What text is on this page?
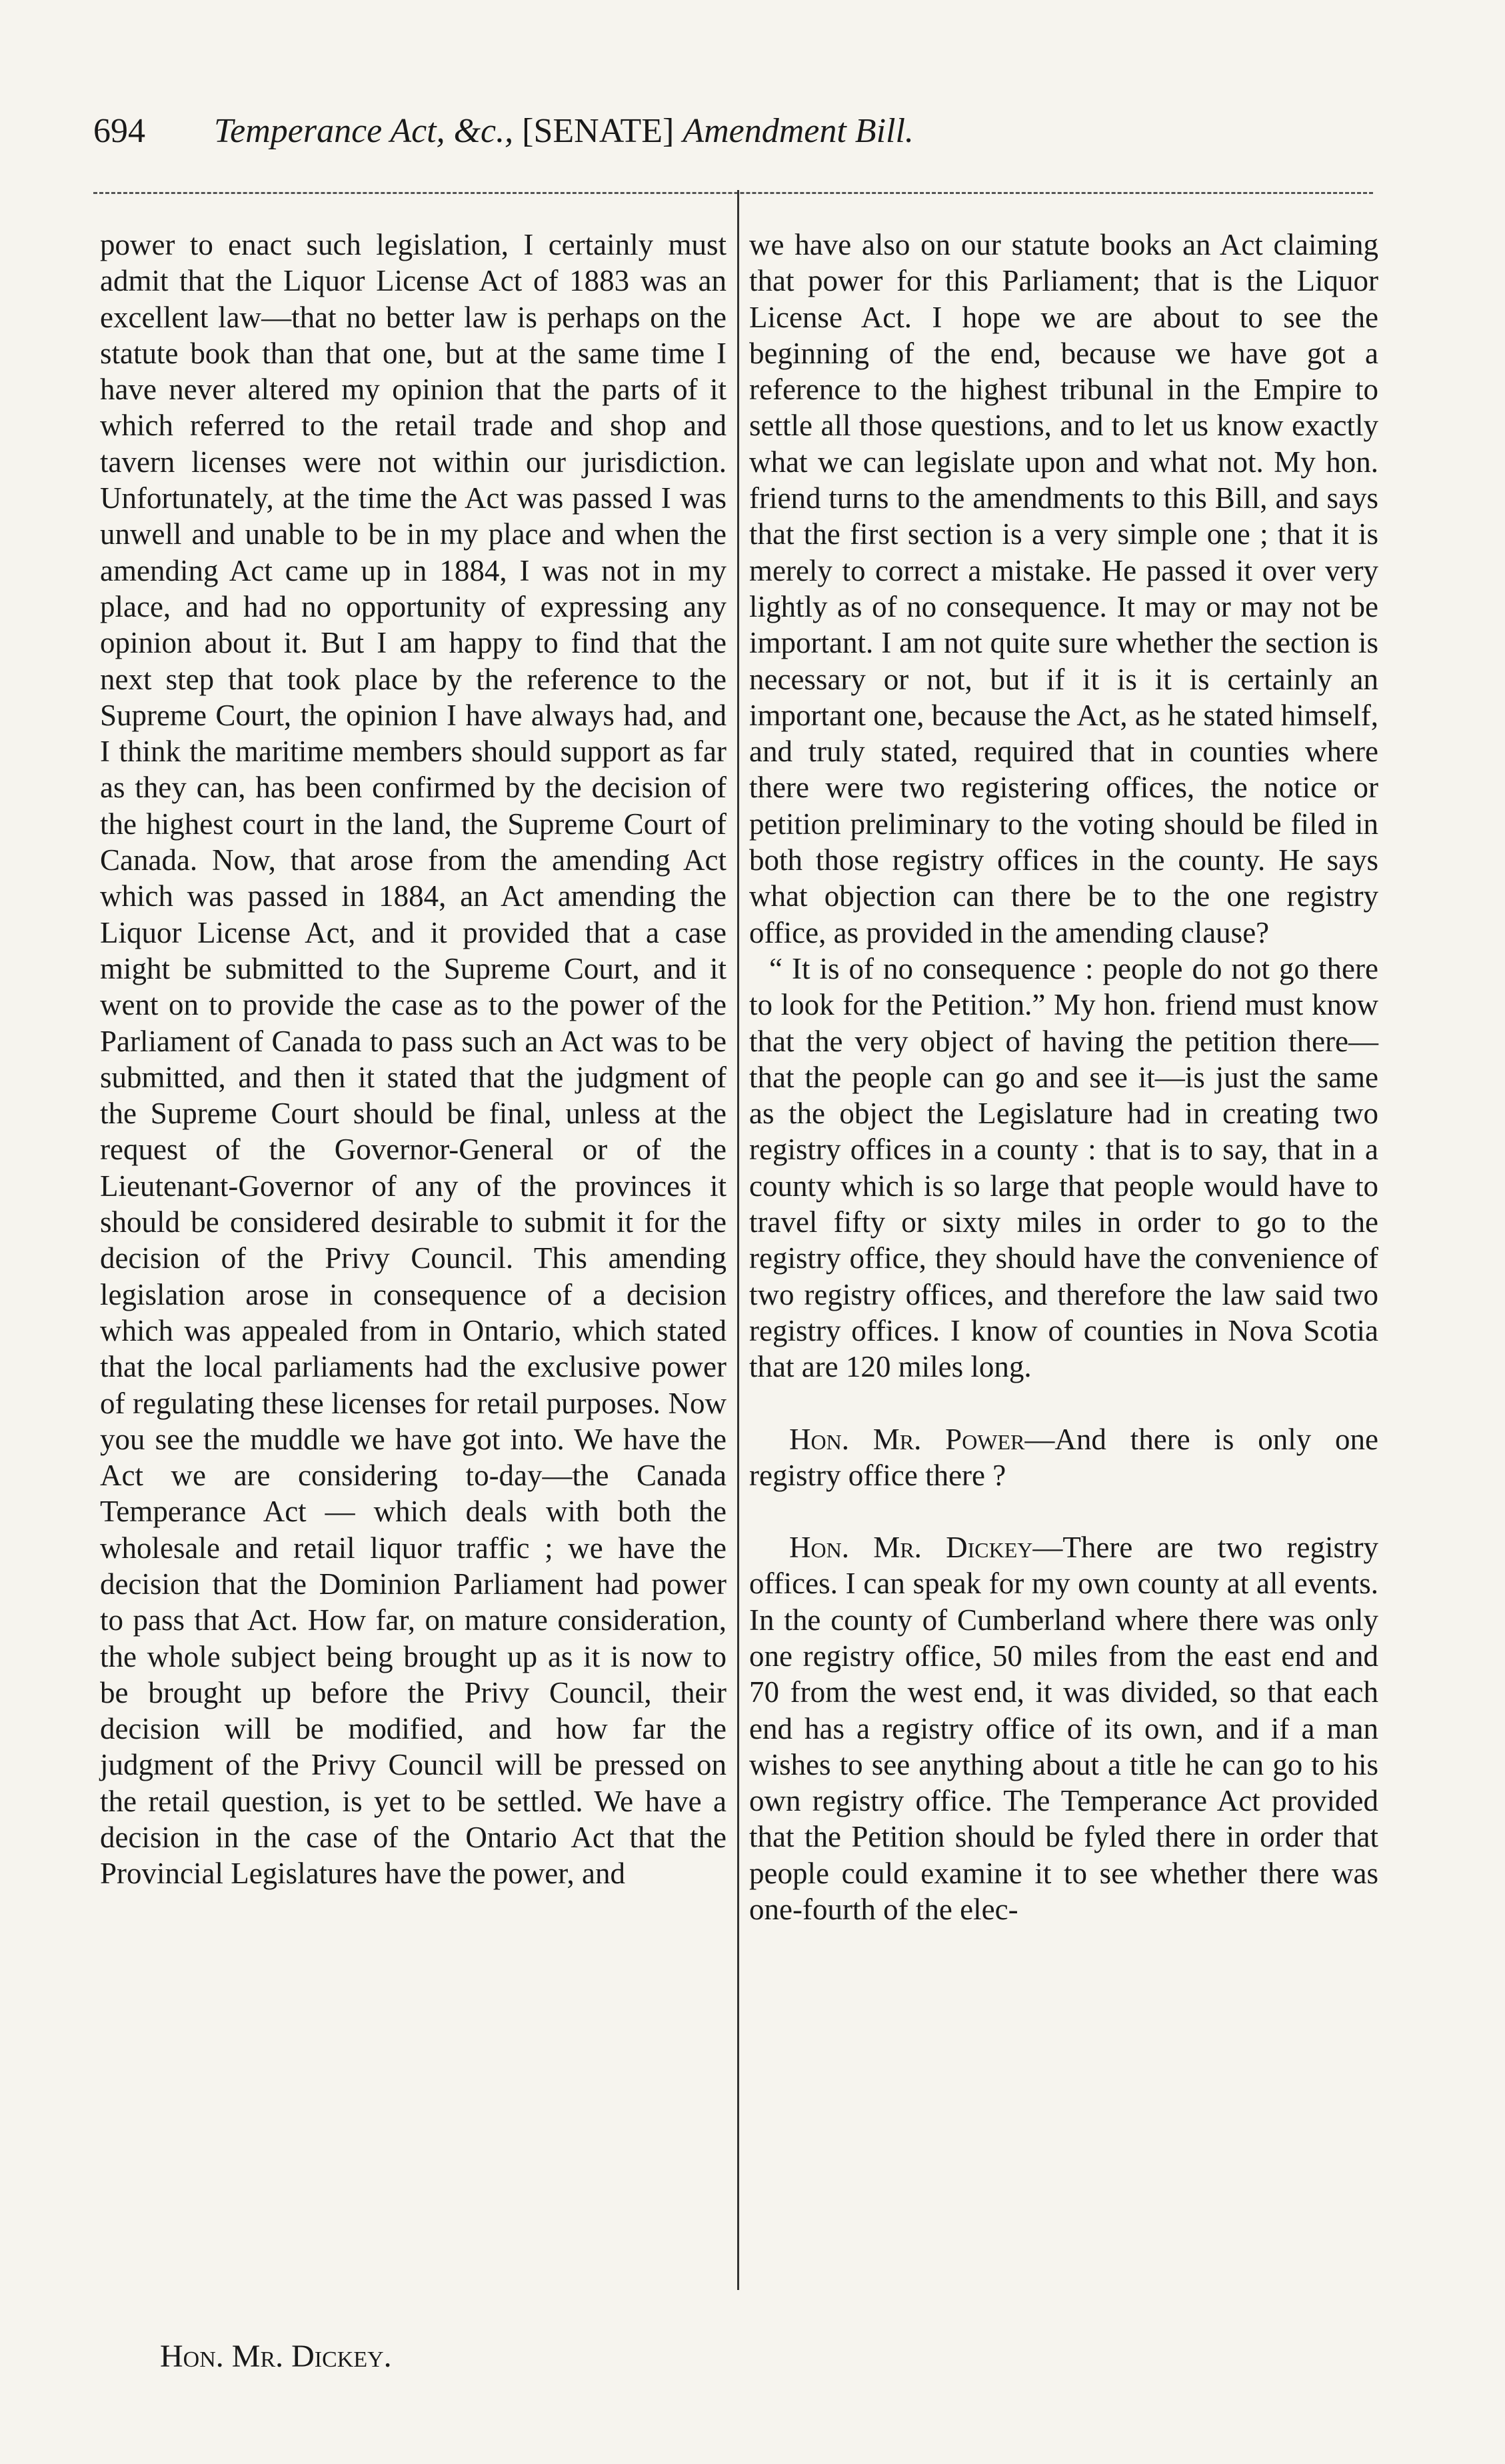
694 Temperance Act, &c., [SENATE] Amendment Bill.

power to enact such legislation, I certainly must admit that the Liquor License Act of 1883 was an excellent law—that no better law is perhaps on the statute book than that one, but at the same time I have never altered my opinion that the parts of it which referred to the retail trade and shop and tavern licenses were not within our jurisdiction. Unfortunately, at the time the Act was passed I was unwell and unable to be in my place and when the amending Act came up in 1884, I was not in my place, and had no opportunity of expressing any opinion about it. But I am happy to find that the next step that took place by the reference to the Supreme Court, the opinion I have always had, and I think the maritime members should support as far as they can, has been confirmed by the decision of the highest court in the land, the Supreme Court of Canada. Now, that arose from the amending Act which was passed in 1884, an Act amending the Liquor License Act, and it provided that a case might be submitted to the Supreme Court, and it went on to provide the case as to the power of the Parliament of Canada to pass such an Act was to be submitted, and then it stated that the judgment of the Supreme Court should be final, unless at the request of the Governor-General or of the Lieutenant-Governor of any of the provinces it should be considered desirable to submit it for the decision of the Privy Council. This amending legislation arose in consequence of a decision which was appealed from in Ontario, which stated that the local parliaments had the exclusive power of regulating these licenses for retail purposes. Now you see the muddle we have got into. We have the Act we are considering to-day—the Canada Temperance Act — which deals with both the wholesale and retail liquor traffic ; we have the decision that the Dominion Parliament had power to pass that Act. How far, on mature consideration, the whole subject being brought up as it is now to be brought up before the Privy Council, their decision will be modified, and how far the judgment of the Privy Council will be pressed on the retail question, is yet to be settled. We have a decision in the case of the Ontario Act that the Provincial Legislatures have the power, and

we have also on our statute books an Act claiming that power for this Parliament; that is the Liquor License Act. I hope we are about to see the beginning of the end, because we have got a reference to the highest tribunal in the Empire to settle all those questions, and to let us know exactly what we can legislate upon and what not. My hon. friend turns to the amendments to this Bill, and says that the first section is a very simple one ; that it is merely to correct a mistake. He passed it over very lightly as of no consequence. It may or may not be important. I am not quite sure whether the section is necessary or not, but if it is it is certainly an important one, because the Act, as he stated himself, and truly stated, required that in counties where there were two registering offices, the notice or petition preliminary to the voting should be filed in both those registry offices in the county. He says what objection can there be to the one registry office, as provided in the amending clause?

“ It is of no consequence : people do not go there to look for the Petition.” My hon. friend must know that the very object of having the petition there—that the people can go and see it—is just the same as the object the Legislature had in creating two registry offices in a county : that is to say, that in a county which is so large that people would have to travel fifty or sixty miles in order to go to the registry office, they should have the convenience of two registry offices, and therefore the law said two registry offices. I know of counties in Nova Scotia that are 120 miles long.

Hon. Mr. Power—And there is only one registry office there ?

Hon. Mr. Dickey—There are two registry offices. I can speak for my own county at all events. In the county of Cumberland where there was only one registry office, 50 miles from the east end and 70 from the west end, it was divided, so that each end has a registry office of its own, and if a man wishes to see anything about a title he can go to his own registry office. The Temperance Act provided that the Petition should be fyled there in order that people could examine it to see whether there was one-fourth of the elec-

Hon. Mr. Dickey.
